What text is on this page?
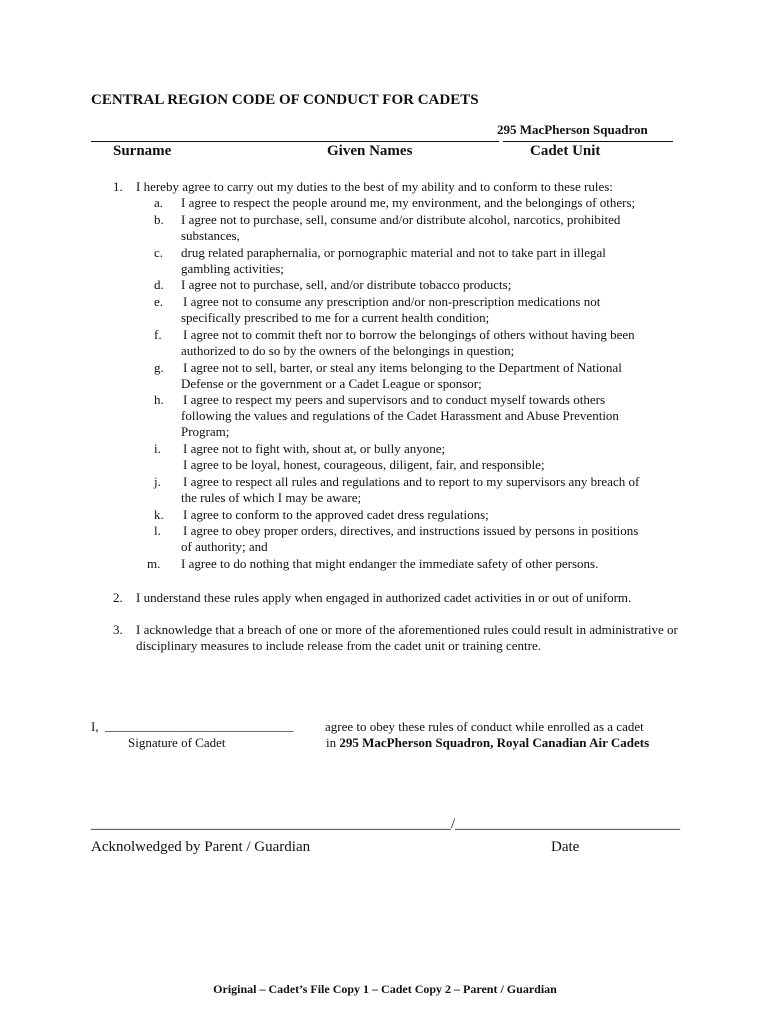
CENTRAL REGION CODE OF CONDUCT FOR CADETS
295 MacPherson Squadron
Surname	Given Names	Cadet Unit
1. I hereby agree to carry out my duties to the best of my ability and to conform to these rules:
a. I agree to respect the people around me, my environment, and the belongings of others;
b. I agree not to purchase, sell, consume and/or distribute alcohol, narcotics, prohibited
substances,
c. drug related paraphernalia, or pornographic material and not to take part in illegal
gambling activities;
d. I agree not to purchase, sell, and/or distribute tobacco products;
e. I agree not to consume any prescription and/or non-prescription medications not
specifically prescribed to me for a current health condition;
f. I agree not to commit theft nor to borrow the belongings of others without having been
authorized to do so by the owners of the belongings in question;
g. I agree not to sell, barter, or steal any items belonging to the Department of National
Defense or the government or a Cadet League or sponsor;
h. I agree to respect my peers and supervisors and to conduct myself towards others
following the values and regulations of the Cadet Harassment and Abuse Prevention
Program;
i. I agree not to fight with, shout at, or bully anyone;
I agree to be loyal, honest, courageous, diligent, fair, and responsible;
j. I agree to respect all rules and regulations and to report to my supervisors any breach of
the rules of which I may be aware;
k. I agree to conform to the approved cadet dress regulations;
l. I agree to obey proper orders, directives, and instructions issued by persons in positions
of authority; and
m. I agree to do nothing that might endanger the immediate safety of other persons.
2. I understand these rules apply when engaged in authorized cadet activities in or out of uniform.
3. I acknowledge that a breach of one or more of the aforementioned rules could result in administrative or
disciplinary measures to include release from the cadet unit or training centre.
I, _____________________________ agree to obey these rules of conduct while enrolled as a cadet
Signature of Cadet	in 295 MacPherson Squadron, Royal Canadian Air Cadets
________________________________________________/______________________________
Acknolwedged by Parent / Guardian	Date
Original – Cadet’s File Copy 1 – Cadet Copy 2 – Parent / Guardian
